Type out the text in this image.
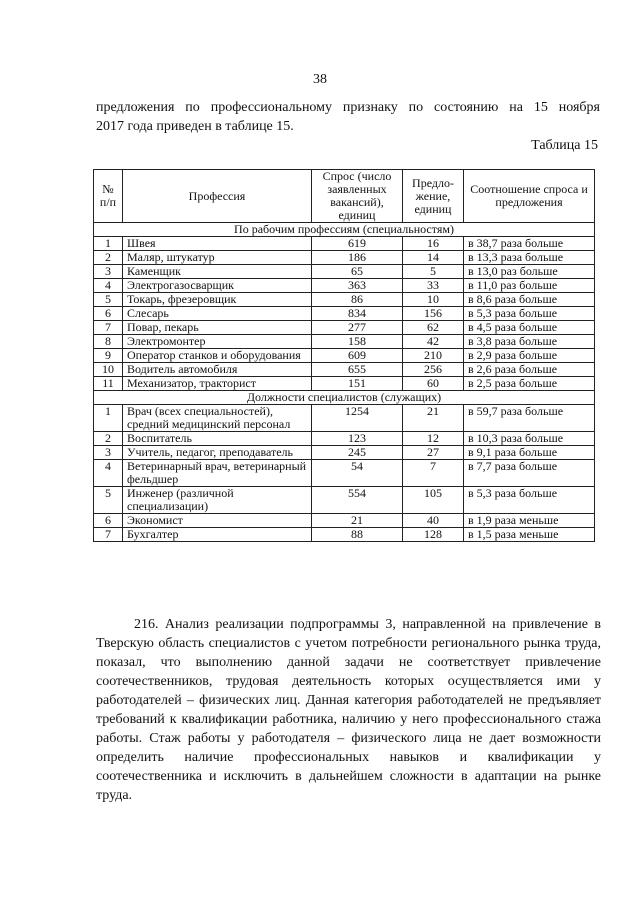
38
предложения по профессиональному признаку по состоянию на 15 ноября
2017 года приведен в таблице 15.
Таблица 15
№ п/п	Профессия	Спрос (число заявленных вакансий), единиц	Предло-жение, единиц	Соотношение спроса и предложения
По рабочим профессиям (специальностям)				
1	Швея	619	16	в 38,7 раза больше
2	Маляр, штукатур	186	14	в 13,3 раза больше
3	Каменщик	65	5	в 13,0 раз больше
4	Электрогазосварщик	363	33	в 11,0 раз больше
5	Токарь, фрезеровщик	86	10	в 8,6 раза больше
6	Слесарь	834	156	в 5,3 раза больше
7	Повар, пекарь	277	62	в 4,5 раза больше
8	Электромонтер	158	42	в 3,8 раза больше
9	Оператор станков и оборудования	609	210	в 2,9 раза больше
10	Водитель автомобиля	655	256	в 2,6 раза больше
11	Механизатор, тракторист	151	60	в 2,5 раза больше
Должности специалистов (служащих)				
1	Врач (всех специальностей), средний медицинский персонал	1254	21	в 59,7 раза больше
2	Воспитатель	123	12	в 10,3 раза больше
3	Учитель, педагог, преподаватель	245	27	в 9,1 раза больше
4	Ветеринарный врач, ветеринарный фельдшер	54	7	в 7,7 раза больше
5	Инженер (различной специализации)	554	105	в 5,3 раза больше
6	Экономист	21	40	в 1,9 раза меньше
7	Бухгалтер	88	128	в 1,5 раза меньше
216. Анализ реализации подпрограммы 3, направленной на привлечение в Тверскую область специалистов с учетом потребности регионального рынка труда, показал, что выполнению данной задачи не соответствует привлечение соотечественников, трудовая деятельность которых осуществляется ими у работодателей – физических лиц. Данная категория работодателей не предъявляет требований к квалификации работника, наличию у него профессионального стажа работы. Стаж работы у работодателя – физического лица не дает возможности определить наличие профессиональных навыков и квалификации у соотечественника и исключить в дальнейшем сложности в адаптации на рынке труда.
